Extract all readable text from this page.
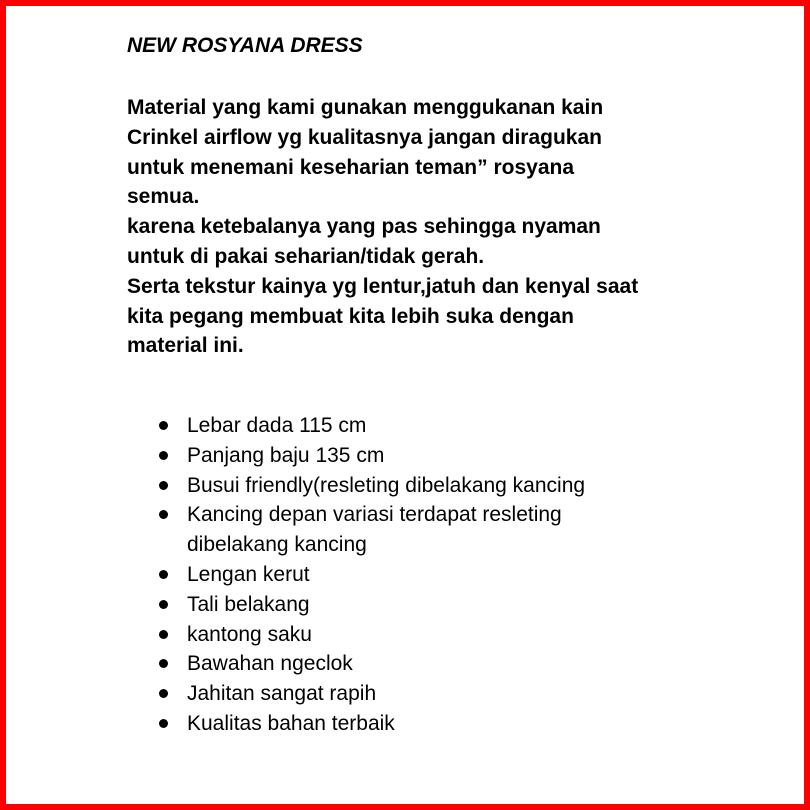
NEW ROSYANA DRESS
Material yang kami gunakan menggukanan kain
Crinkel airflow yg kualitasnya jangan diragukan
untuk menemani keseharian teman” rosyana
semua.
karena ketebalanya yang pas sehingga nyaman
untuk di pakai seharian/tidak gerah.
Serta tekstur kainya yg lentur,jatuh dan kenyal saat
kita pegang membuat kita lebih suka dengan
material ini.
Lebar dada 115 cm
Panjang baju 135 cm
Busui friendly(resleting dibelakang kancing
Kancing depan variasi terdapat resleting
dibelakang kancing
Lengan kerut
Tali belakang
kantong saku
Bawahan ngeclok
Jahitan sangat rapih
Kualitas bahan terbaik
